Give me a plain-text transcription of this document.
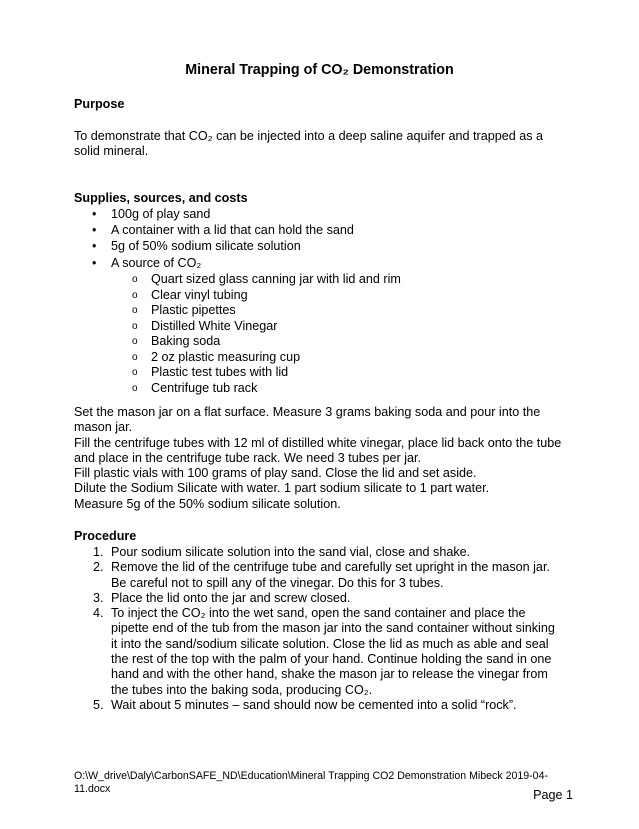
Mineral Trapping of CO₂ Demonstration
Purpose
To demonstrate that CO₂ can be injected into a deep saline aquifer and trapped as a
solid mineral.
Supplies, sources, and costs
• 100g of play sand
• A container with a lid that can hold the sand
• 5g of 50% sodium silicate solution
• A source of CO₂
o Quart sized glass canning jar with lid and rim
o Clear vinyl tubing
o Plastic pipettes
o Distilled White Vinegar
o Baking soda
o 2 oz plastic measuring cup
o Plastic test tubes with lid
o Centrifuge tub rack
Set the mason jar on a flat surface. Measure 3 grams baking soda and pour into the
mason jar.
Fill the centrifuge tubes with 12 ml of distilled white vinegar, place lid back onto the tube
and place in the centrifuge tube rack. We need 3 tubes per jar.
Fill plastic vials with 100 grams of play sand. Close the lid and set aside.
Dilute the Sodium Silicate with water. 1 part sodium silicate to 1 part water.
Measure 5g of the 50% sodium silicate solution.
Procedure
1. Pour sodium silicate solution into the sand vial, close and shake.
2. Remove the lid of the centrifuge tube and carefully set upright in the mason jar.
Be careful not to spill any of the vinegar. Do this for 3 tubes.
3. Place the lid onto the jar and screw closed.
4. To inject the CO₂ into the wet sand, open the sand container and place the
pipette end of the tub from the mason jar into the sand container without sinking
it into the sand/sodium silicate solution. Close the lid as much as able and seal
the rest of the top with the palm of your hand. Continue holding the sand in one
hand and with the other hand, shake the mason jar to release the vinegar from
the tubes into the baking soda, producing CO₂.
5. Wait about 5 minutes – sand should now be cemented into a solid “rock”.
O:\W_drive\Daly\CarbonSAFE_ND\Education\Mineral Trapping CO2 Demonstration Mibeck 2019-04-
11.docx	Page 1
